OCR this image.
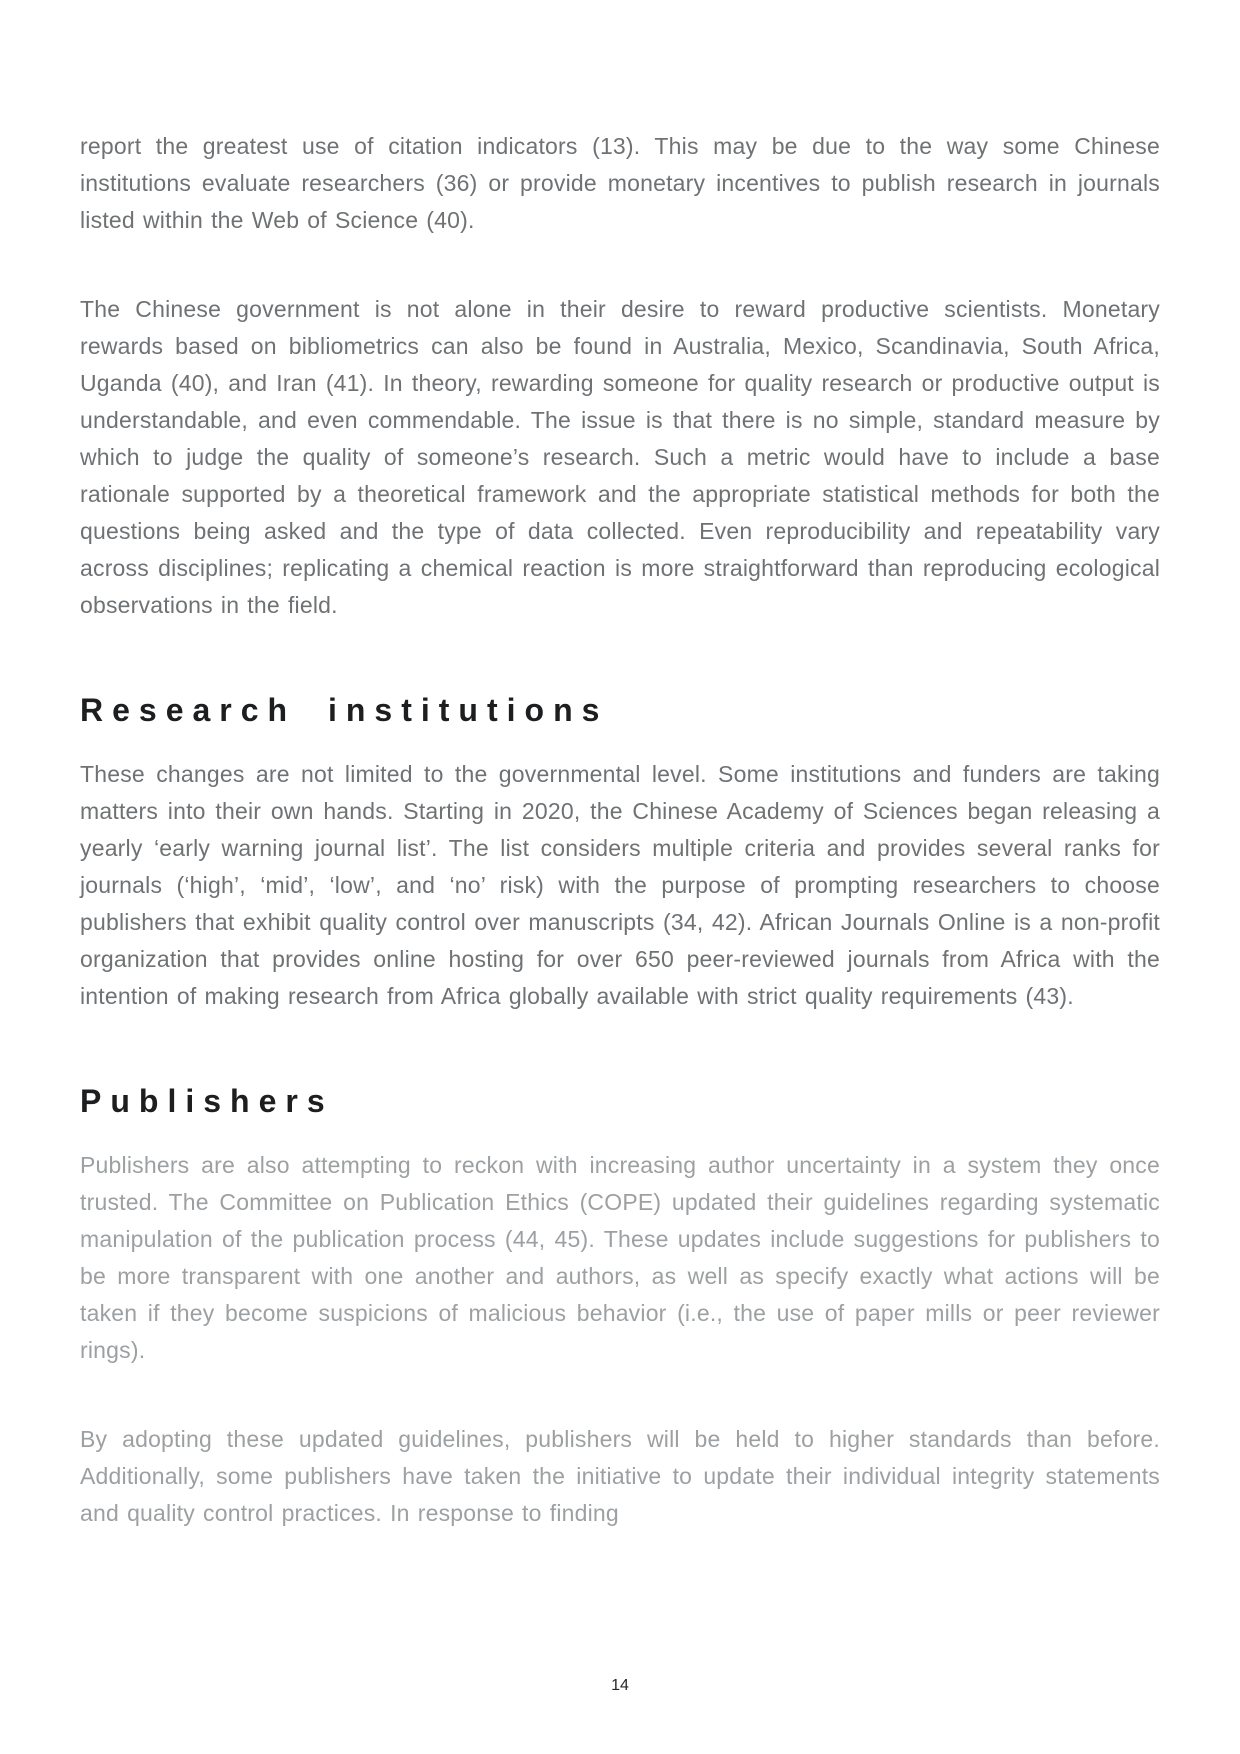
report the greatest use of citation indicators (13). This may be due to the way some Chinese institutions evaluate researchers (36) or provide monetary incentives to publish research in journals listed within the Web of Science (40).

The Chinese government is not alone in their desire to reward productive scientists. Monetary rewards based on bibliometrics can also be found in Australia, Mexico, Scandinavia, South Africa, Uganda (40), and Iran (41). In theory, rewarding someone for quality research or productive output is understandable, and even commendable. The issue is that there is no simple, standard measure by which to judge the quality of someone’s research. Such a metric would have to include a base rationale supported by a theoretical framework and the appropriate statistical methods for both the questions being asked and the type of data collected. Even reproducibility and repeatability vary across disciplines; replicating a chemical reaction is more straightforward than reproducing ecological observations in the field.

Research institutions

These changes are not limited to the governmental level. Some institutions and funders are taking matters into their own hands. Starting in 2020, the Chinese Academy of Sciences began releasing a yearly ‘early warning journal list’. The list considers multiple criteria and provides several ranks for journals (‘high’, ‘mid’, ‘low’, and ‘no’ risk) with the purpose of prompting researchers to choose publishers that exhibit quality control over manuscripts (34, 42). African Journals Online is a non-profit organization that provides online hosting for over 650 peer-reviewed journals from Africa with the intention of making research from Africa globally available with strict quality requirements (43).

Publishers

Publishers are also attempting to reckon with increasing author uncertainty in a system they once trusted. The Committee on Publication Ethics (COPE) updated their guidelines regarding systematic manipulation of the publication process (44, 45). These updates include suggestions for publishers to be more transparent with one another and authors, as well as specify exactly what actions will be taken if they become suspicions of malicious behavior (i.e., the use of paper mills or peer reviewer rings).

By adopting these updated guidelines, publishers will be held to higher standards than before. Additionally, some publishers have taken the initiative to update their individual integrity statements and quality control practices. In response to finding

14
